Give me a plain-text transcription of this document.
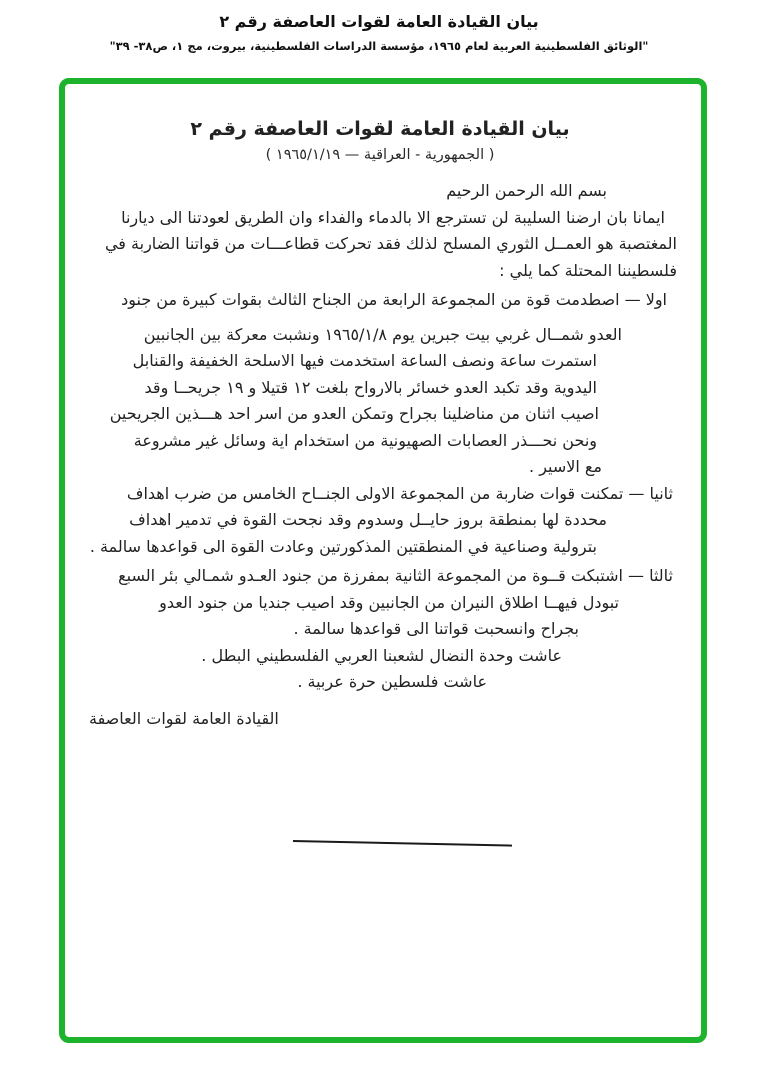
بيان القيادة العامة لقوات العاصفة رقم ٢
"الوثائق الفلسطينية العربية لعام ١٩٦٥، مؤسسة الدراسات الفلسطينية، بيروت، مج ١، ص٣٨- ٣٩"
بيان القيادة العامة لقوات العاصفة رقم ٢
( الجمهورية - العراقية — ١٩٦٥/١/١٩ )
بسم الله الرحمن الرحيم
ايمانا بان ارضنا السليبة لن تسترجع الا بالدماء والفداء وان الطريق لعودتنا الى ديارنا
المغتصبة هو العمــل الثوري المسلح لذلك فقد تحركت قطاعـــات من قواتنا الضاربة في
فلسطيننا المحتلة كما يلي :
اولا — اصطدمت قوة من المجموعة الرابعة من الجناح الثالث بقوات كبيرة من جنود
العدو شمــال غربي بيت جبرين يوم ١٩٦٥/١/٨ ونشبت معركة بين الجانبين
استمرت ساعة ونصف الساعة استخدمت فيها الاسلحة الخفيفة والقنابل
اليدوية وقد تكبد العدو خسائر بالارواح بلغت ١٢ قتيلا و ١٩ جريحــا وقد
اصيب اثنان من مناضلينا بجراح وتمكن العدو من اسر احد هـــذين الجريحين
ونحن نحـــذر العصابات الصهيونية من استخدام اية وسائل غير مشروعة
مع الاسير .
ثانيا — تمكنت قوات ضاربة من المجموعة الاولى الجنــاح الخامس من ضرب اهداف
محددة لها بمنطقة بروز حايــل وسدوم وقد نجحت القوة في تدمير اهداف
بترولية وصناعية في المنطقتين المذكورتين وعادت القوة الى قواعدها سالمة .
ثالثا — اشتبكت قــوة من المجموعة الثانية بمفرزة من جنود العـدو شمـالي بئر السبع
تبودل فيهــا اطلاق النيران من الجانبين وقد اصيب جنديا من جنود العدو
بجراح وانسحبت قواتنا الى قواعدها سالمة .
عاشت وحدة النضال لشعبنا العربي الفلسطيني البطل .
عاشت فلسطين حرة عربية .
القيادة العامة لقوات العاصفة
